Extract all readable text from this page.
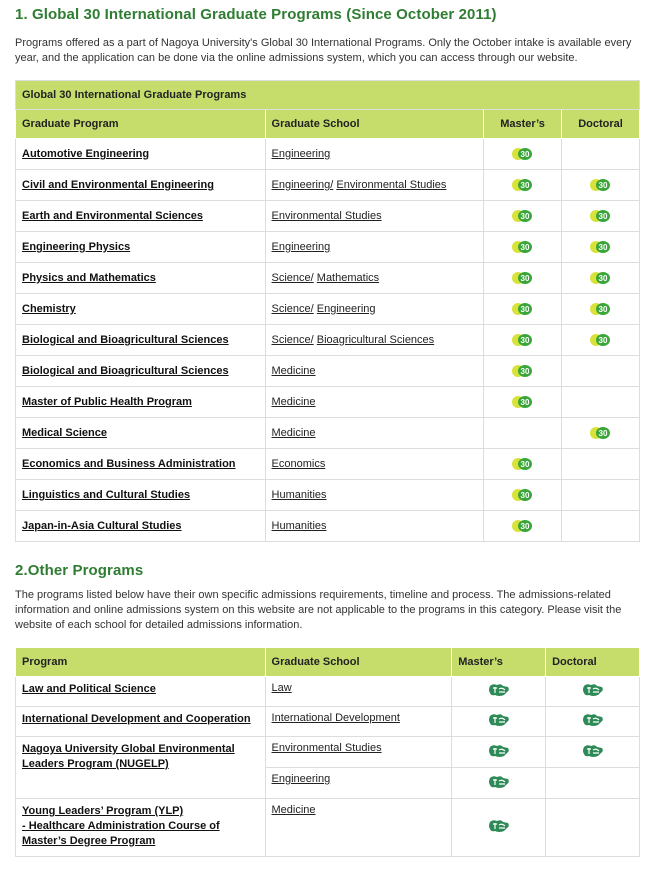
1. Global 30 International Graduate Programs (Since October 2011)

Programs offered as a part of Nagoya University's Global 30 International Programs. Only the October intake is available every year, and the application can be done via the online admissions system, which you can access through our website.

Global 30 International Graduate Programs			
Graduate Program	Graduate School	Master’s	Doctoral
Automotive Engineering	Engineering	30	

Civil and Environmental Engineering	Engineering/ Environmental Studies	30	30

Earth and Environmental Sciences	Environmental Studies	30	30

Engineering Physics	Engineering	30	30

Physics and Mathematics	Science/ Mathematics	30	30

Chemistry	Science/ Engineering	30	30

Biological and Bioagricultural Sciences	Science/ Bioagricultural Sciences	30	30

Biological and Bioagricultural Sciences	Medicine	30	

Master of Public Health Program	Medicine	30	

Medical Science	Medicine		30

Economics and Business Administration	Economics	30	

Linguistics and Cultural Studies	Humanities	30	

Japan-in-Asia Cultural Studies	Humanities	30	

2.Other Programs

The programs listed below have their own specific admissions requirements, timeline and process. The admissions-related information and online admissions system on this website are not applicable to the programs in this category. Please visit the website of each school for detailed admissions information.

Program	Graduate School	Master’s	Doctoral
Law and Political Science	Law		
International Development and Cooperation	International Development		
Nagoya University Global Environmental Leaders Program (NUGELP)	Environmental Studies		
	Engineering		
Young Leaders’ Program (YLP)
- Healthcare Administration Course of Master’s Degree Program	Medicine		
